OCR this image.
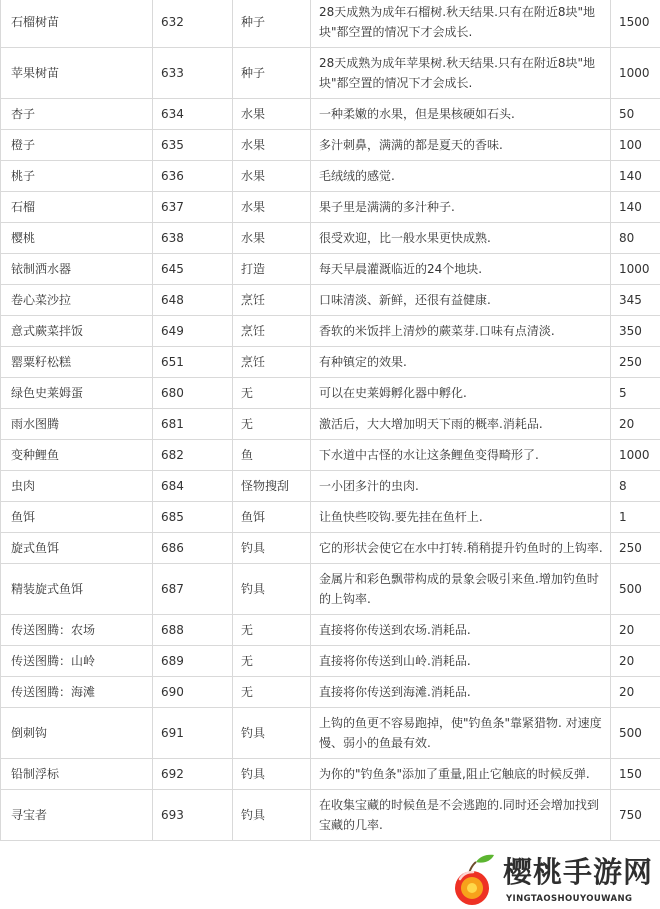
石榴树苗	632	种子	28天成熟为成年石榴树.秋天结果.只有在附近8块"地块"都空置的情况下才会成长.	1500
苹果树苗	633	种子	28天成熟为成年苹果树.秋天结果.只有在附近8块"地块"都空置的情况下才会成长.	1000
杏子	634	水果	一种柔嫩的水果，但是果核硬如石头.	50
橙子	635	水果	多汁刺鼻，满满的都是夏天的香味.	100
桃子	636	水果	毛绒绒的感觉.	140
石榴	637	水果	果子里是满满的多汁种子.	140
樱桃	638	水果	很受欢迎，比一般水果更快成熟.	80
铱制洒水器	645	打造	每天早晨灌溉临近的24个地块.	1000
卷心菜沙拉	648	烹饪	口味清淡、新鲜，还很有益健康.	345
意式蕨菜拌饭	649	烹饪	香软的米饭拌上清炒的蕨菜芽.口味有点清淡.	350
罂粟籽松糕	651	烹饪	有种镇定的效果.	250
绿色史莱姆蛋	680	无	可以在史莱姆孵化器中孵化.	5
雨水图腾	681	无	激活后，大大增加明天下雨的概率.消耗品.	20
变种鲤鱼	682	鱼	下水道中古怪的水让这条鲤鱼变得畸形了.	1000
虫肉	684	怪物搜刮	一小团多汁的虫肉.	8
鱼饵	685	鱼饵	让鱼快些咬钩.要先挂在鱼杆上.	1
旋式鱼饵	686	钓具	它的形状会使它在水中打转.稍稍提升钓鱼时的上钩率.	250
精装旋式鱼饵	687	钓具	金属片和彩色飘带构成的景象会吸引来鱼.增加钓鱼时的上钩率.	500
传送图腾：农场	688	无	直接将你传送到农场.消耗品.	20
传送图腾：山岭	689	无	直接将你传送到山岭.消耗品.	20
传送图腾：海滩	690	无	直接将你传送到海滩.消耗品.	20
倒刺钩	691	钓具	上钩的鱼更不容易跑掉，使"钓鱼条"靠紧猎物. 对速度慢、弱小的鱼最有效.	500
铅制浮标	692	钓具	为你的"钓鱼条"添加了重量,阻止它触底的时候反弹.	150
寻宝者	693	钓具	在收集宝藏的时候鱼是不会逃跑的.同时还会增加找到宝藏的几率.	750
樱桃手游网
YINGTAOSHOUYOUWANG
